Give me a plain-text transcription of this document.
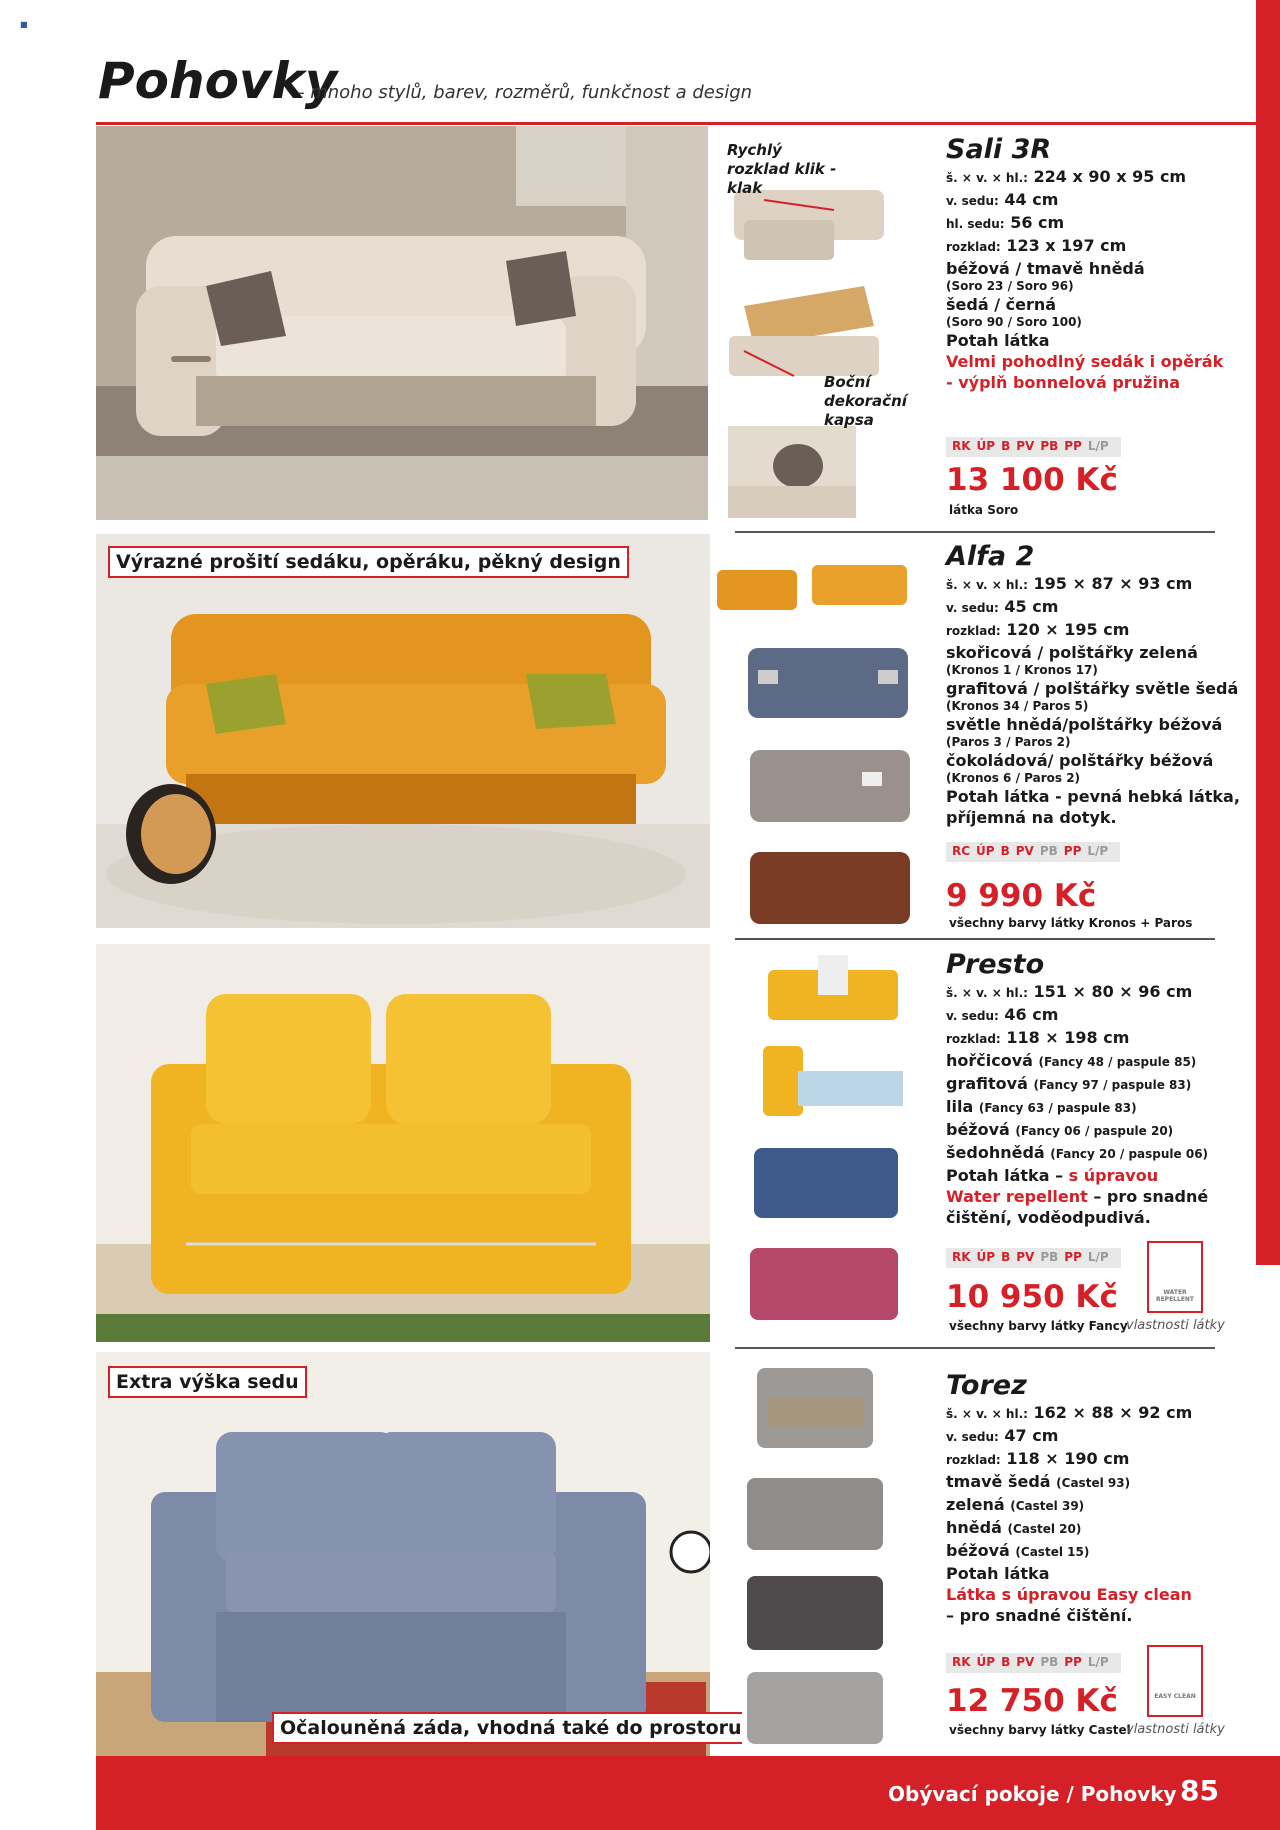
■
Pohovky
- mnoho stylů, barev, rozměrů, funkčnost a design
Rychlý rozklad klik - klak
Boční dekorační kapsa
Sali 3R
š. × v. × hl.: 224 x 90 x 95 cm
v. sedu: 44 cm
hl. sedu: 56 cm
rozklad: 123 x 197 cm
béžová / tmavě hnědá
(Soro 23 / Soro 96)
šedá / černá
(Soro 90 / Soro 100)
Potah látka
Velmi pohodlný sedák i opěrák
- výplň bonnelová pružina
RK ÚP B PV PB PP L/P
13 100 Kč
látka Soro
Výrazné prošití sedáku, opěráku, pěkný design	Alfa 2
š. × v. × hl.: 195 × 87 × 93 cm
v. sedu: 45 cm
rozklad: 120 × 195 cm
skořicová / polštářky zelená
(Kronos 1 / Kronos 17)
grafitová / polštářky světle šedá
(Kronos 34 / Paros 5)
světle hnědá/polštářky béžová
(Paros 3 / Paros 2)
čokoládová/ polštářky béžová
(Kronos 6 / Paros 2)
Potah látka - pevná hebká látka,
příjemná na dotyk.
RC ÚP B PV PB PP L/P
9 990 Kč
všechny barvy látky Kronos + Paros
Presto
š. × v. × hl.: 151 × 80 × 96 cm
v. sedu: 46 cm
rozklad: 118 × 198 cm
hořčicová (Fancy 48 / paspule 85)
grafitová (Fancy 97 / paspule 83)
lila (Fancy 63 / paspule 83)
béžová (Fancy 06 / paspule 20)
šedohnědá (Fancy 20 / paspule 06)
Potah látka – s úpravou
Water repellent – pro snadné
čištění, voděodpudivá.
RK ÚP B PV PB PP L/P
10 950 Kč
všechny barvy látky Fancy
WATER REPELLENT
vlastnosti látky
Extra výška sedu
Očalouněná záda, vhodná také do prostoru
Torez
š. × v. × hl.: 162 × 88 × 92 cm
v. sedu: 47 cm
rozklad: 118 × 190 cm
tmavě šedá (Castel 93)
zelená (Castel 39)
hnědá (Castel 20)
béžová (Castel 15)
Potah látka
Látka s úpravou Easy clean
– pro snadné čištění.
RK ÚP B PV PB PP L/P
12 750 Kč
všechny barvy látky Castel
EASY CLEAN
vlastnosti látky
Obývací pokoje / Pohovky 85
